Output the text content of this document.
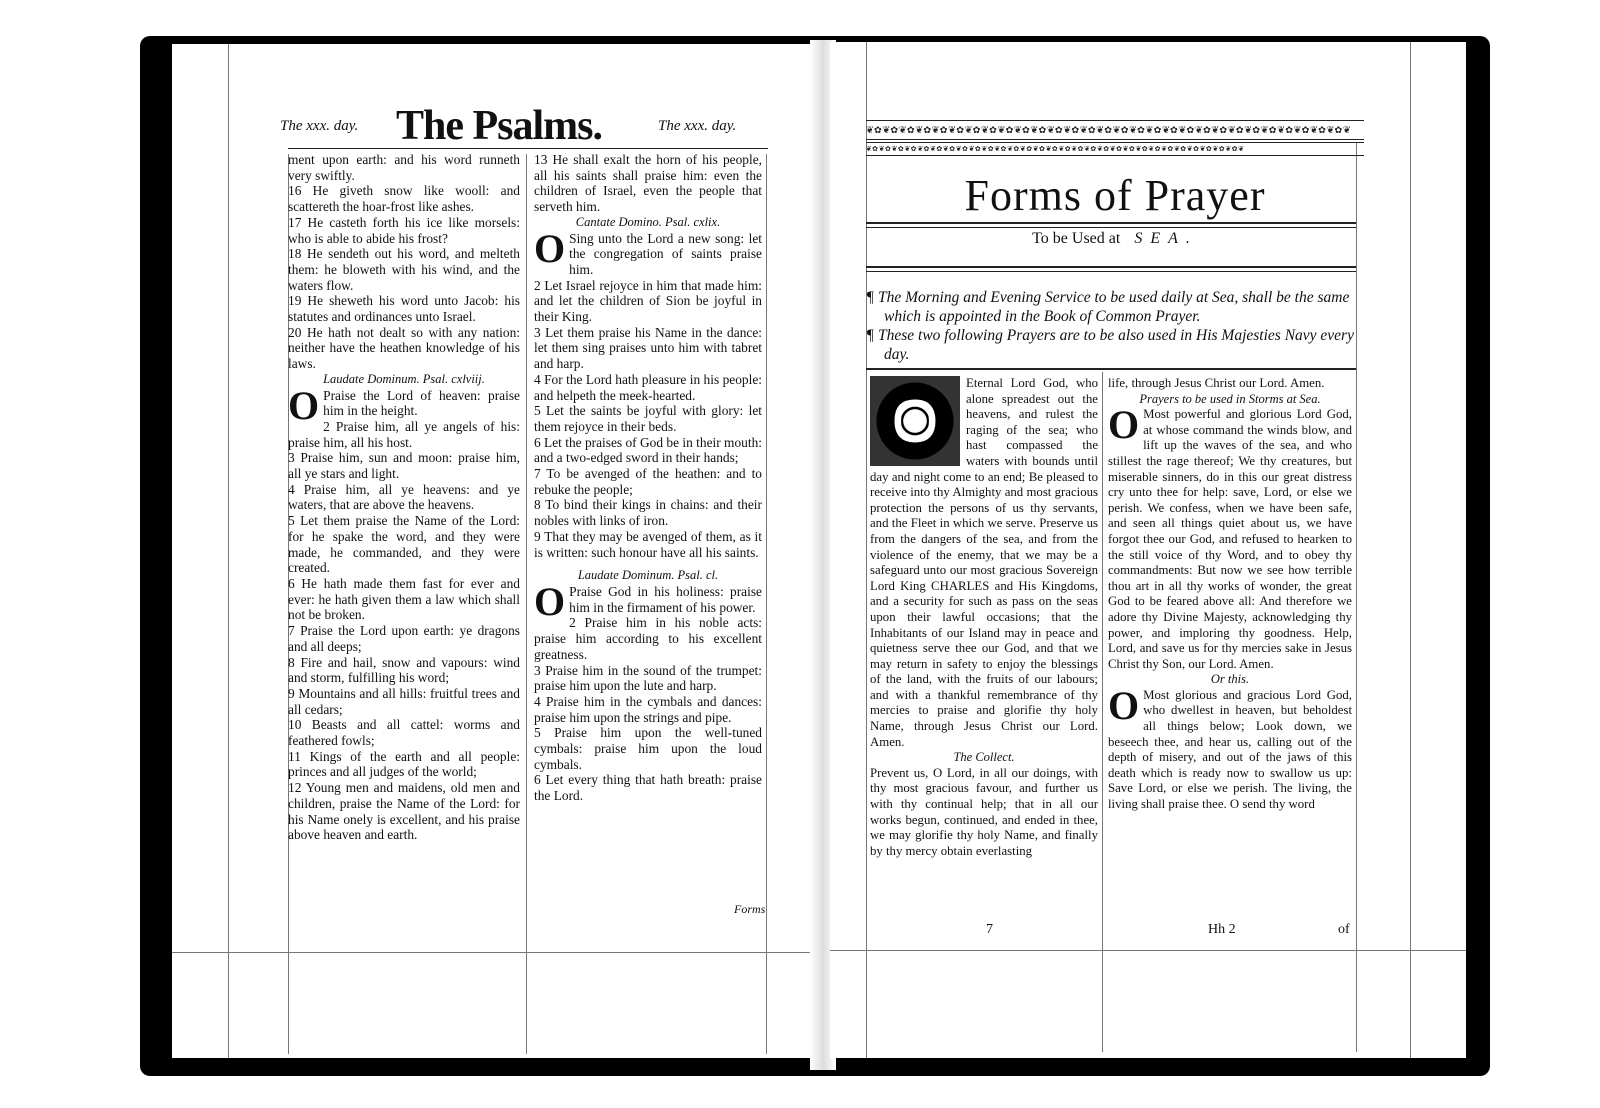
The xxx. day. The Psalms.	The xxx. day.

ment upon earth: and his word runneth very swiftly.

16 He giveth snow like wooll: and scattereth the hoar-frost like ashes.

17 He casteth forth his ice like morsels: who is able to abide his frost?

18 He sendeth out his word, and melteth them: he bloweth with his wind, and the waters flow.

19 He sheweth his word unto Jacob: his statutes and ordinances unto Israel.

20 He hath not dealt so with any nation: neither have the heathen knowledge of his laws.

Laudate Dominum. Psal. cxlviij.

O Praise the Lord of heaven: praise him in the height.

2 Praise him, all ye angels of his: praise him, all his host.

3 Praise him, sun and moon: praise him, all ye stars and light.

4 Praise him, all ye heavens: and ye waters, that are above the heavens.

5 Let them praise the Name of the Lord: for he spake the word, and they were made, he commanded, and they were created.

6 He hath made them fast for ever and ever: he hath given them a law which shall not be broken.

7 Praise the Lord upon earth: ye dragons and all deeps;

8 Fire and hail, snow and vapours: wind and storm, fulfilling his word;

9 Mountains and all hills: fruitful trees and all cedars;

10 Beasts and all cattel: worms and feathered fowls;

11 Kings of the earth and all people: princes and all judges of the world;

12 Young men and maidens, old men and children, praise the Name of the Lord: for his Name onely is excellent, and his praise above heaven and earth.

13 He shall exalt the horn of his people, all his saints shall praise him: even the children of Israel, even the people that serveth him.

Cantate Domino. Psal. cxlix.

O Sing unto the Lord a new song: let the congregation of saints praise him.

2 Let Israel rejoyce in him that made him: and let the children of Sion be joyful in their King.

3 Let them praise his Name in the dance: let them sing praises unto him with tabret and harp.

4 For the Lord hath pleasure in his people: and helpeth the meek-hearted.

5 Let the saints be joyful with glory: let them rejoyce in their beds.

6 Let the praises of God be in their mouth: and a two-edged sword in their hands;

7 To be avenged of the heathen: and to rebuke the people;

8 To bind their kings in chains: and their nobles with links of iron.

9 That they may be avenged of them, as it is written: such honour have all his saints.

Laudate Dominum. Psal. cl.

O Praise God in his holiness: praise him in the firmament of his power.

2 Praise him in his noble acts: praise him according to his excellent greatness.

3 Praise him in the sound of the trumpet: praise him upon the lute and harp.

4 Praise him in the cymbals and dances: praise him upon the strings and pipe.

5 Praise him upon the well-tuned cymbals: praise him upon the loud cymbals.

6 Let every thing that hath breath: praise the Lord.

Forms
❦✿❦✿❦✿❦✿❦✿❦✿❦✿❦✿❦✿❦✿❦✿❦✿❦✿❦✿❦✿❦✿❦✿❦✿❦✿❦✿❦✿❦✿❦✿❦✿❦✿❦✿❦✿❦✿❦✿❦
❦✿❦✿❦✿❦✿❦✿❦✿❦✿❦✿❦✿❦✿❦✿❦✿❦✿❦✿❦✿❦✿❦✿❦✿❦✿❦✿❦✿❦✿❦✿❦✿❦✿❦✿❦✿❦✿❦✿❦
Forms of Prayer
To be Used at SEA.

¶ The Morning and Evening Service to be used daily at Sea, shall be the same which is appointed in the Book of Common Prayer.

¶ These two following Prayers are to be also used in His Majesties Navy every day.

O

Eternal Lord God, who alone spreadest out the heavens, and rulest the raging of the sea; who hast compassed the waters with bounds until day and night come to an end; Be pleased to receive into thy Almighty and most gracious protection the persons of us thy servants, and the Fleet in which we serve. Preserve us from the dangers of the sea, and from the violence of the enemy, that we may be a safeguard unto our most gracious Sovereign Lord King CHARLES and His Kingdoms, and a security for such as pass on the seas upon their lawful occasions; that the Inhabitants of our Island may in peace and quietness serve thee our God, and that we may return in safety to enjoy the blessings of the land, with the fruits of our labours; and with a thankful remembrance of thy mercies to praise and glorifie thy holy Name, through Jesus Christ our Lord. Amen.

The Collect.

Prevent us, O Lord, in all our doings, with thy most gracious favour, and further us with thy continual help; that in all our works begun, continued, and ended in thee, we may glorifie thy holy Name, and finally by thy mercy obtain everlasting

life, through Jesus Christ our Lord. Amen.

Prayers to be used in Storms at Sea.

O Most powerful and glorious Lord God, at whose command the winds blow, and lift up the waves of the sea, and who stillest the rage thereof; We thy creatures, but miserable sinners, do in this our great distress cry unto thee for help: save, Lord, or else we perish. We confess, when we have been safe, and seen all things quiet about us, we have forgot thee our God, and refused to hearken to the still voice of thy Word, and to obey thy commandments: But now we see how terrible thou art in all thy works of wonder, the great God to be feared above all: And therefore we adore thy Divine Majesty, acknowledging thy power, and imploring thy goodness. Help, Lord, and save us for thy mercies sake in Jesus Christ thy Son, our Lord. Amen.

Or this.

O Most glorious and gracious Lord God, who dwellest in heaven, but beholdest all things below; Look down, we beseech thee, and hear us, calling out of the depth of misery, and out of the jaws of this death which is ready now to swallow us up: Save Lord, or else we perish. The living, the living shall praise thee. O send thy word

7	Hh 2	of
